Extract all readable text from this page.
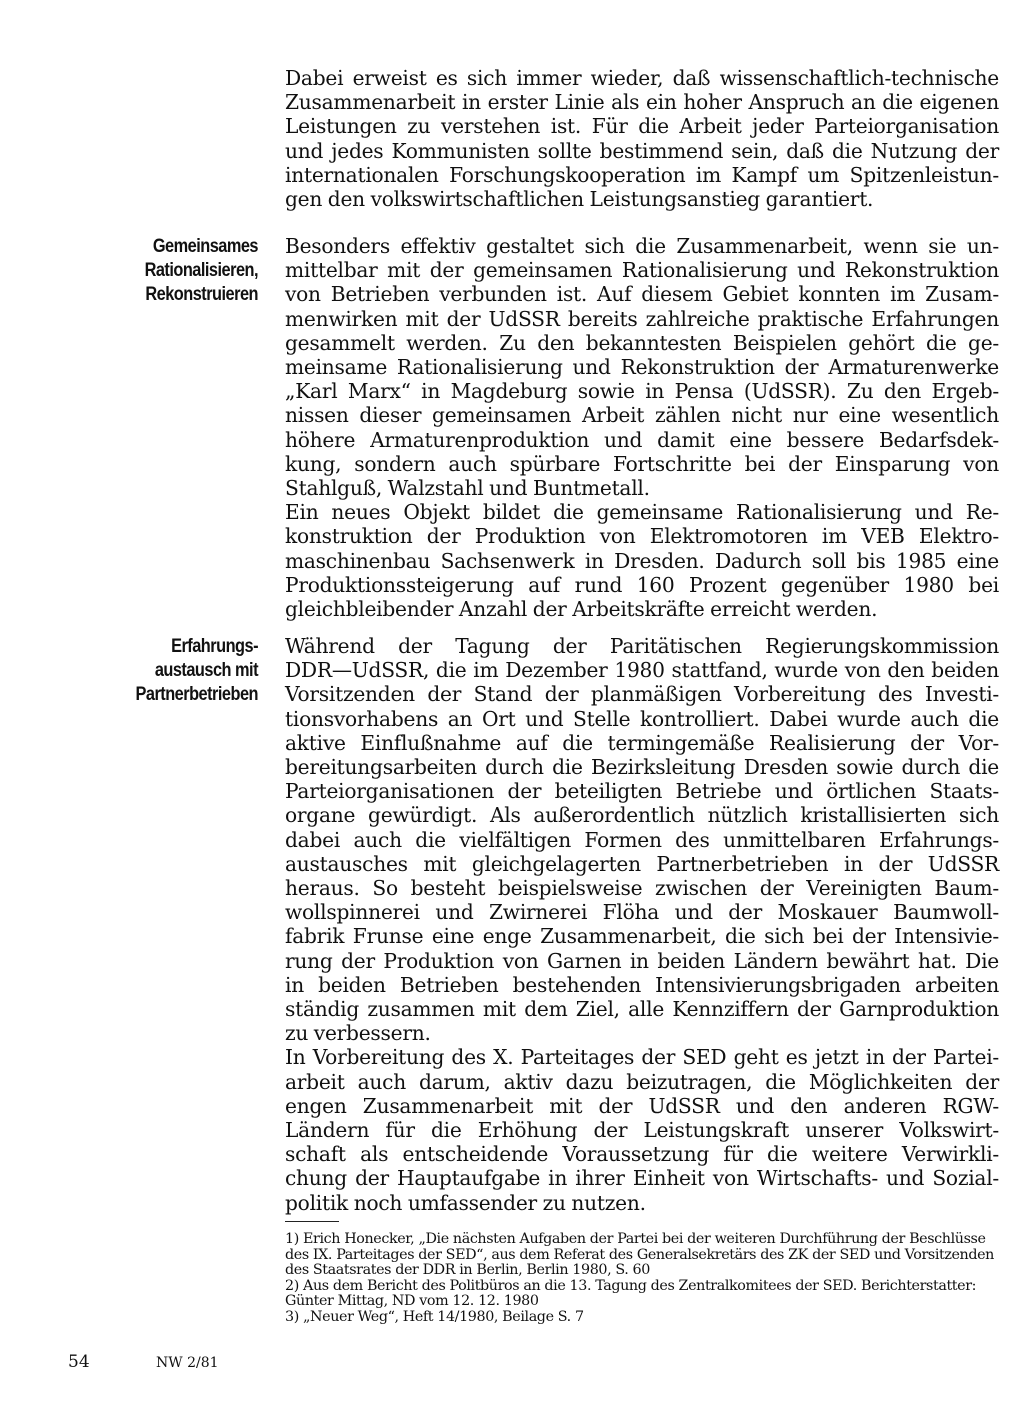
Dabei erweist es sich immer wieder, daß wissenschaftlich-technische
Zusammenarbeit in erster Linie als ein hoher Anspruch an die eigenen
Leistungen zu verstehen ist. Für die Arbeit jeder Parteiorganisation
und jedes Kommunisten sollte bestimmend sein, daß die Nutzung der
internationalen Forschungskooperation im Kampf um Spitzenleistun-
gen den volkswirtschaftlichen Leistungsanstieg garantiert.

Gemeinsames
Rationalisieren,
Rekonstruieren

Besonders effektiv gestaltet sich die Zusammenarbeit, wenn sie un-
mittelbar mit der gemeinsamen Rationalisierung und Rekonstruktion
von Betrieben verbunden ist. Auf diesem Gebiet konnten im Zusam-
menwirken mit der UdSSR bereits zahlreiche praktische Erfahrungen
gesammelt werden. Zu den bekanntesten Beispielen gehört die ge-
meinsame Rationalisierung und Rekonstruktion der Armaturenwerke
„Karl Marx“ in Magdeburg sowie in Pensa (UdSSR). Zu den Ergeb-
nissen dieser gemeinsamen Arbeit zählen nicht nur eine wesentlich
höhere Armaturenproduktion und damit eine bessere Bedarfsdek-
kung, sondern auch spürbare Fortschritte bei der Einsparung von
Stahlguß, Walzstahl und Buntmetall.

Ein neues Objekt bildet die gemeinsame Rationalisierung und Re-
konstruktion der Produktion von Elektromotoren im VEB Elektro-
maschinenbau Sachsenwerk in Dresden. Dadurch soll bis 1985 eine
Produktionssteigerung auf rund 160 Prozent gegenüber 1980 bei
gleichbleibender Anzahl der Arbeitskräfte erreicht werden.

Erfahrungs-
austausch mit
Partnerbetrieben

Während der Tagung der Paritätischen Regierungskommission
DDR—UdSSR, die im Dezember 1980 stattfand, wurde von den beiden
Vorsitzenden der Stand der planmäßigen Vorbereitung des Investi-
tionsvorhabens an Ort und Stelle kontrolliert. Dabei wurde auch die
aktive Einflußnahme auf die termingemäße Realisierung der Vor-
bereitungsarbeiten durch die Bezirksleitung Dresden sowie durch die
Parteiorganisationen der beteiligten Betriebe und örtlichen Staats-
organe gewürdigt. Als außerordentlich nützlich kristallisierten sich
dabei auch die vielfältigen Formen des unmittelbaren Erfahrungs-
austausches mit gleichgelagerten Partnerbetrieben in der UdSSR
heraus. So besteht beispielsweise zwischen der Vereinigten Baum-
wollspinnerei und Zwirnerei Flöha und der Moskauer Baumwoll-
fabrik Frunse eine enge Zusammenarbeit, die sich bei der Intensivie-
rung der Produktion von Garnen in beiden Ländern bewährt hat. Die
in beiden Betrieben bestehenden Intensivierungsbrigaden arbeiten
ständig zusammen mit dem Ziel, alle Kennziffern der Garnproduktion
zu verbessern.

In Vorbereitung des X. Parteitages der SED geht es jetzt in der Partei-
arbeit auch darum, aktiv dazu beizutragen, die Möglichkeiten der
engen Zusammenarbeit mit der UdSSR und den anderen RGW-
Ländern für die Erhöhung der Leistungskraft unserer Volkswirt-
schaft als entscheidende Voraussetzung für die weitere Verwirkli-
chung der Hauptaufgabe in ihrer Einheit von Wirtschafts- und Sozial-
politik noch umfassender zu nutzen.

1) Erich Honecker, „Die nächsten Aufgaben der Partei bei der weiteren Durchführung der Beschlüsse
des IX. Parteitages der SED“, aus dem Referat des Generalsekretärs des ZK der SED und Vorsitzenden
des Staatsrates der DDR in Berlin, Berlin 1980, S. 60
2) Aus dem Bericht des Politbüros an die 13. Tagung des Zentralkomitees der SED. Berichterstatter:
Günter Mittag, ND vom 12. 12. 1980
3) „Neuer Weg“, Heft 14/1980, Beilage S. 7
54	NW 2/81
